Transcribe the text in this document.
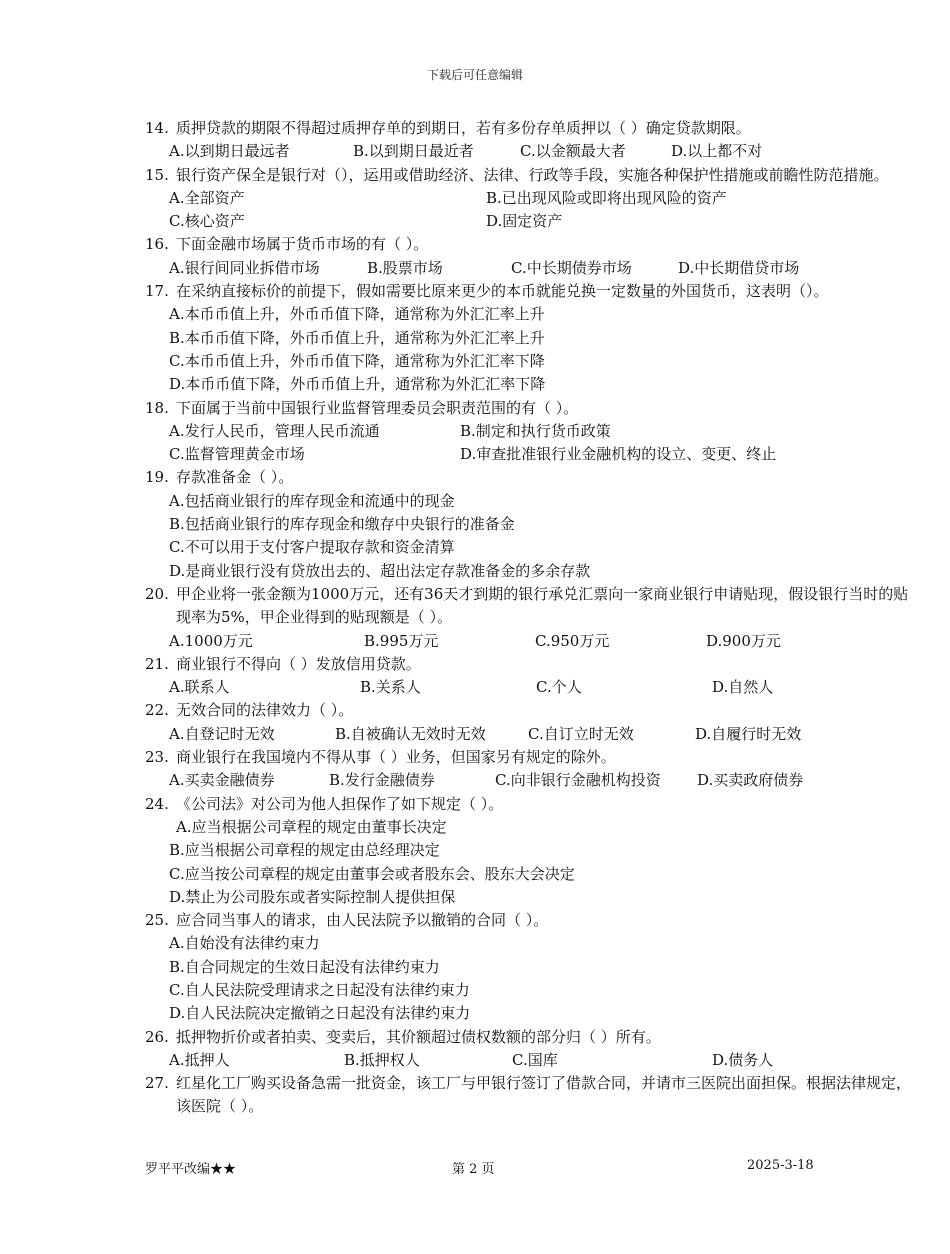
下载后可任意编辑
14. 质押贷款的期限不得超过质押存单的到期日，若有多份存单质押以（ ）确定贷款期限。
A.以到期日最远者	B.以到期日最近者	C.以金额最大者	D.以上都不对
15. 银行资产保全是银行对（），运用或借助经济、法律、行政等手段，实施各种保护性措施或前瞻性防范措施。
A.全部资产	B.已出现风险或即将出现风险的资产
C.核心资产	D.固定资产
16. 下面金融市场属于货币市场的有（ ）。
A.银行间同业拆借市场	B.股票市场	C.中长期债券市场	D.中长期借贷市场
17. 在采纳直接标价的前提下，假如需要比原来更少的本币就能兑换一定数量的外国货币，这表明（）。
A.本币币值上升，外币币值下降，通常称为外汇汇率上升
B.本币币值下降，外币币值上升，通常称为外汇汇率上升
C.本币币值上升，外币币值下降，通常称为外汇汇率下降
D.本币币值下降，外币币值上升，通常称为外汇汇率下降
18. 下面属于当前中国银行业监督管理委员会职责范围的有（ ）。
A.发行人民币，管理人民币流通	B.制定和执行货币政策
C.监督管理黄金市场	D.审查批准银行业金融机构的设立、变更、终止
19. 存款准备金（ ）。
A.包括商业银行的库存现金和流通中的现金
B.包括商业银行的库存现金和缴存中央银行的准备金
C.不可以用于支付客户提取存款和资金清算
D.是商业银行没有贷放出去的、超出法定存款准备金的多余存款
20. 甲企业将一张金额为1000万元，还有36天才到期的银行承兑汇票向一家商业银行申请贴现，假设银行当时的贴现率为5%，甲企业得到的贴现额是（ ）。
A.1000万元	B.995万元	C.950万元	D.900万元
21. 商业银行不得向（ ）发放信用贷款。
A.联系人	B.关系人	C.个人	D.自然人
22. 无效合同的法律效力（ ）。
A.自登记时无效	B.自被确认无效时无效	C.自订立时无效	D.自履行时无效
23. 商业银行在我国境内不得从事（ ）业务，但国家另有规定的除外。
A.买卖金融债券	B.发行金融债券	C.向非银行金融机构投资	D.买卖政府债券
24. 《公司法》对公司为他人担保作了如下规定（ ）。
A.应当根据公司章程的规定由董事长决定
B.应当根据公司章程的规定由总经理决定
C.应当按公司章程的规定由董事会或者股东会、股东大会决定
D.禁止为公司股东或者实际控制人提供担保
25. 应合同当事人的请求，由人民法院予以撤销的合同（ ）。
A.自始没有法律约束力
B.自合同规定的生效日起没有法律约束力
C.自人民法院受理请求之日起没有法律约束力
D.自人民法院决定撤销之日起没有法律约束力
26. 抵押物折价或者拍卖、变卖后，其价额超过债权数额的部分归（ ）所有。
A.抵押人	B.抵押权人	C.国库	D.债务人
27. 红星化工厂购买设备急需一批资金，该工厂与甲银行签订了借款合同，并请市三医院出面担保。根据法律规定，该医院（ ）。
罗平平改编★★	第 2 页	2025-3-18
